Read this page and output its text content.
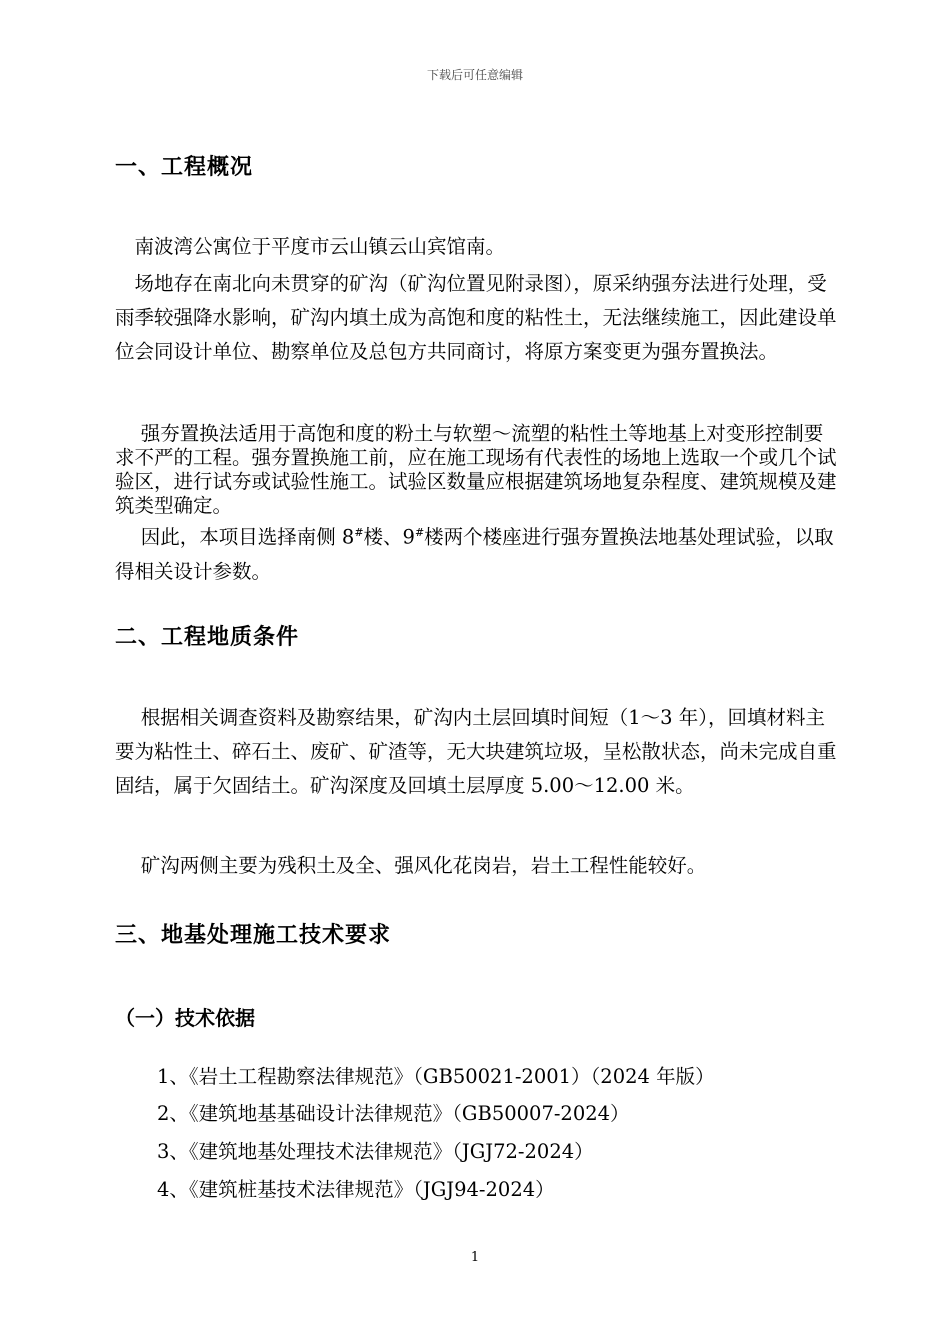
下载后可任意编辑
一、工程概况

　南波湾公寓位于平度市云山镇云山宾馆南。

　场地存在南北向未贯穿的矿沟（矿沟位置见附录图），原采纳强夯法进行处理，受雨季较强降水影响，矿沟内填土成为高饱和度的粘性土，无法继续施工，因此建设单位会同设计单位、勘察单位及总包方共同商讨，将原方案变更为强夯置换法。

　 强夯置换法适用于高饱和度的粉土与软塑～流塑的粘性土等地基上对变形控制要求不严的工程。强夯置换施工前，应在施工现场有代表性的场地上选取一个或几个试验区，进行试夯或试验性施工。试验区数量应根据建筑场地复杂程度、建筑规模及建筑类型确定。

　 因此，本项目选择南侧 8#楼、9#楼两个楼座进行强夯置换法地基处理试验，以取得相关设计参数。

二、工程地质条件

　 根据相关调查资料及勘察结果，矿沟内土层回填时间短（1～3 年），回填材料主要为粘性土、碎石土、废矿、矿渣等，无大块建筑垃圾，呈松散状态，尚未完成自重固结，属于欠固结土。矿沟深度及回填土层厚度 5.00～12.00 米。

　 矿沟两侧主要为残积土及全、强风化花岗岩，岩土工程性能较好。

三、地基处理施工技术要求
（一）技术依据
1、《岩土工程勘察法律规范》（GB50021-2001）（2024 年版）
2、《建筑地基基础设计法律规范》（GB50007-2024）
3、《建筑地基处理技术法律规范》（JGJ72-2024）
4、《建筑桩基技术法律规范》（JGJ94-2024）
1
